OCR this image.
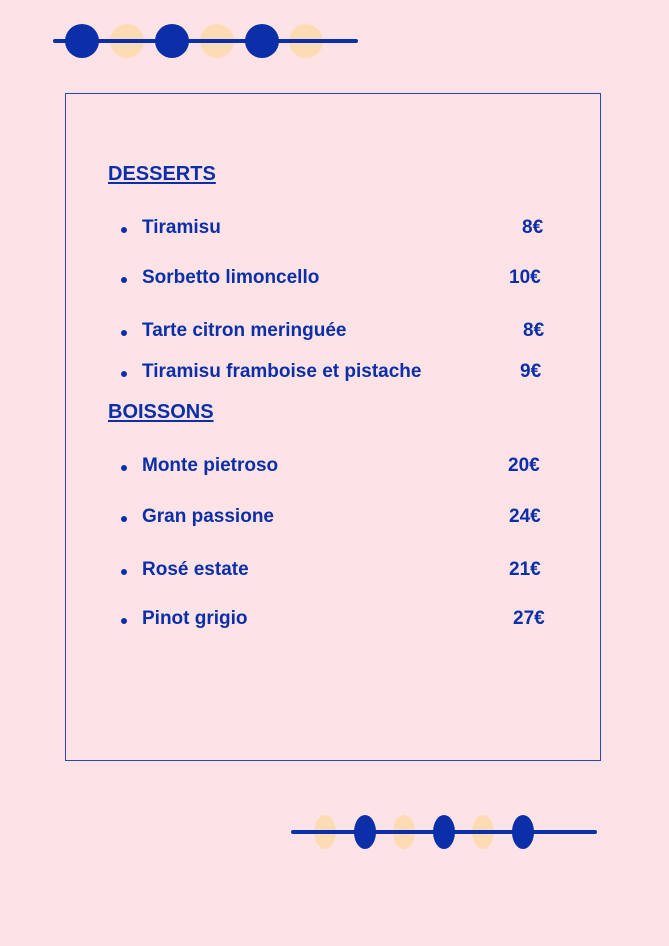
DESSERTS
Tiramisu	8€
Sorbetto limoncello	10€
Tarte citron meringuée	8€
Tiramisu framboise et pistache	9€
BOISSONS
Monte pietroso	20€
Gran passione	24€
Rosé estate	21€
Pinot grigio	27€
